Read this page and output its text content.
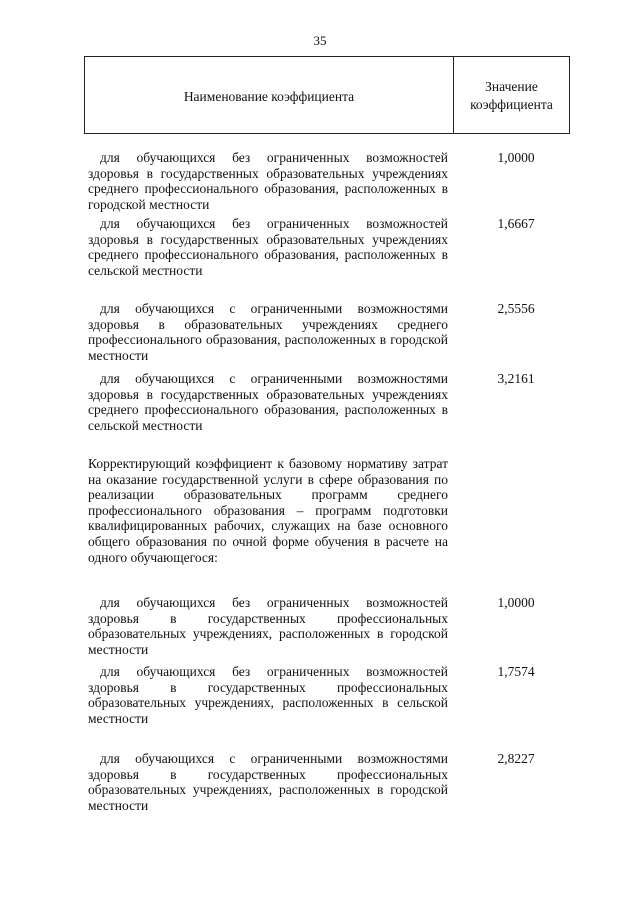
35
Наименование коэффициента
Значение
коэффициента
для обучающихся без ограниченных возможностей здоровья в государственных образовательных учреждениях среднего профессионального образования, расположенных в городской местности
1,0000
для обучающихся без ограниченных возможностей здоровья в государственных образовательных учреждениях среднего профессионального образования, расположенных в сельской местности
1,6667
для обучающихся с ограниченными возможностями здоровья в образовательных учреждениях среднего профессионального образования, расположенных в городской местности
2,5556
для обучающихся с ограниченными возможностями здоровья в государственных образовательных учреждениях среднего профессионального образования, расположенных в сельской местности
3,2161
Корректирующий коэффициент к базовому нормативу затрат на оказание государственной услуги в сфере образования по реализации образовательных программ среднего профессионального образования – программ подготовки квалифицированных рабочих, служащих на базе основного общего образования по очной форме обучения в расчете на одного обучающегося:
для обучающихся без ограниченных возможностей здоровья в государственных профессиональных образовательных учреждениях, расположенных в городской местности
1,0000
для обучающихся без ограниченных возможностей здоровья в государственных профессиональных образовательных учреждениях, расположенных в сельской местности
1,7574
для обучающихся с ограниченными возможностями здоровья в государственных профессиональных образовательных учреждениях, расположенных в городской местности
2,8227
